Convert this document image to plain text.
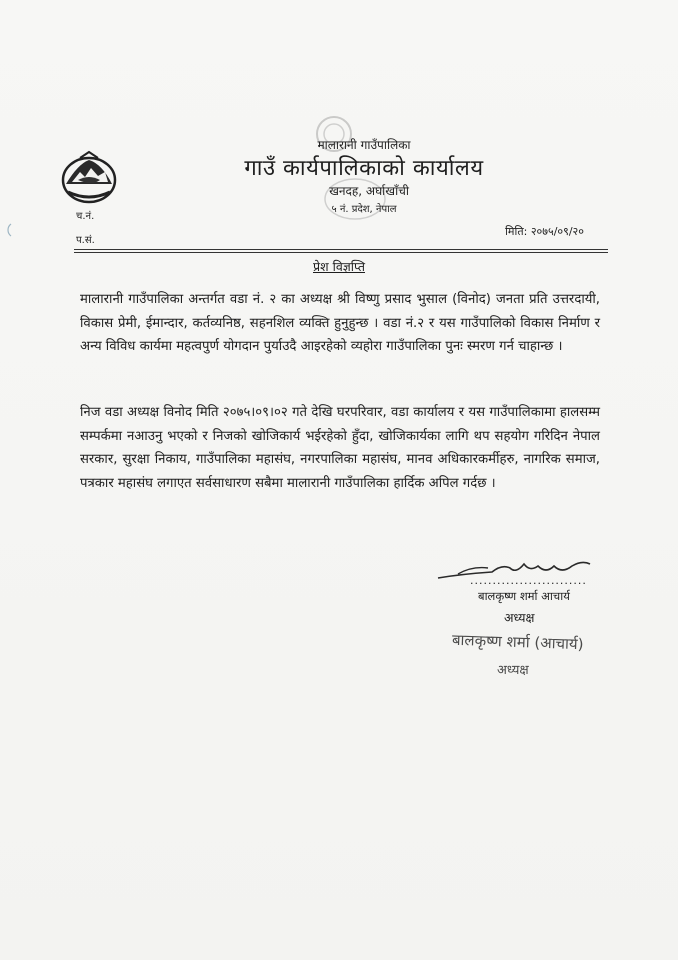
च.नं.
प.सं.
मालारानी गाउँपालिका
गाउँ कार्यपालिकाको कार्यालय
खनदह, अर्घाखाँची
५ नं. प्रदेश, नेपाल
मिति: २०७५/०९/२०
प्रेश विज्ञप्ति
मालारानी गाउँपालिका अन्तर्गत वडा नं. २ का अध्यक्ष श्री विष्णु प्रसाद भुसाल (विनोद) जनता प्रति उत्तरदायी, विकास प्रेमी, ईमान्दार, कर्तव्यनिष्ठ, सहनशिल व्यक्ति हुनुहुन्छ । वडा नं.२ र यस गाउँपालिको विकास निर्माण र अन्य विविध कार्यमा महत्वपुर्ण योगदान पुर्याउदै आइरहेको व्यहोरा गाउँपालिका पुनः स्मरण गर्न चाहान्छ ।
निज वडा अध्यक्ष विनोद मिति २०७५।०९।०२ गते देखि घरपरिवार, वडा कार्यालय र यस गाउँपालिकामा हालसम्म सम्पर्कमा नआउनु भएको र निजको खोजिकार्य भईरहेको हुँदा, खोजिकार्यका लागि थप सहयोग गरिदिन नेपाल सरकार, सुरक्षा निकाय, गाउँपालिका महासंघ, नगरपालिका महासंघ, मानव अधिकारकर्मीहरु, नागरिक समाज, पत्रकार महासंघ लगाएत सर्वसाधारण सबैमा मालारानी गाउँपालिका हार्दिक अपिल गर्दछ ।
..........................
बालकृष्ण शर्मा आचार्य
अध्यक्ष
बालकृष्ण शर्मा (आचार्य)
अध्यक्ष
